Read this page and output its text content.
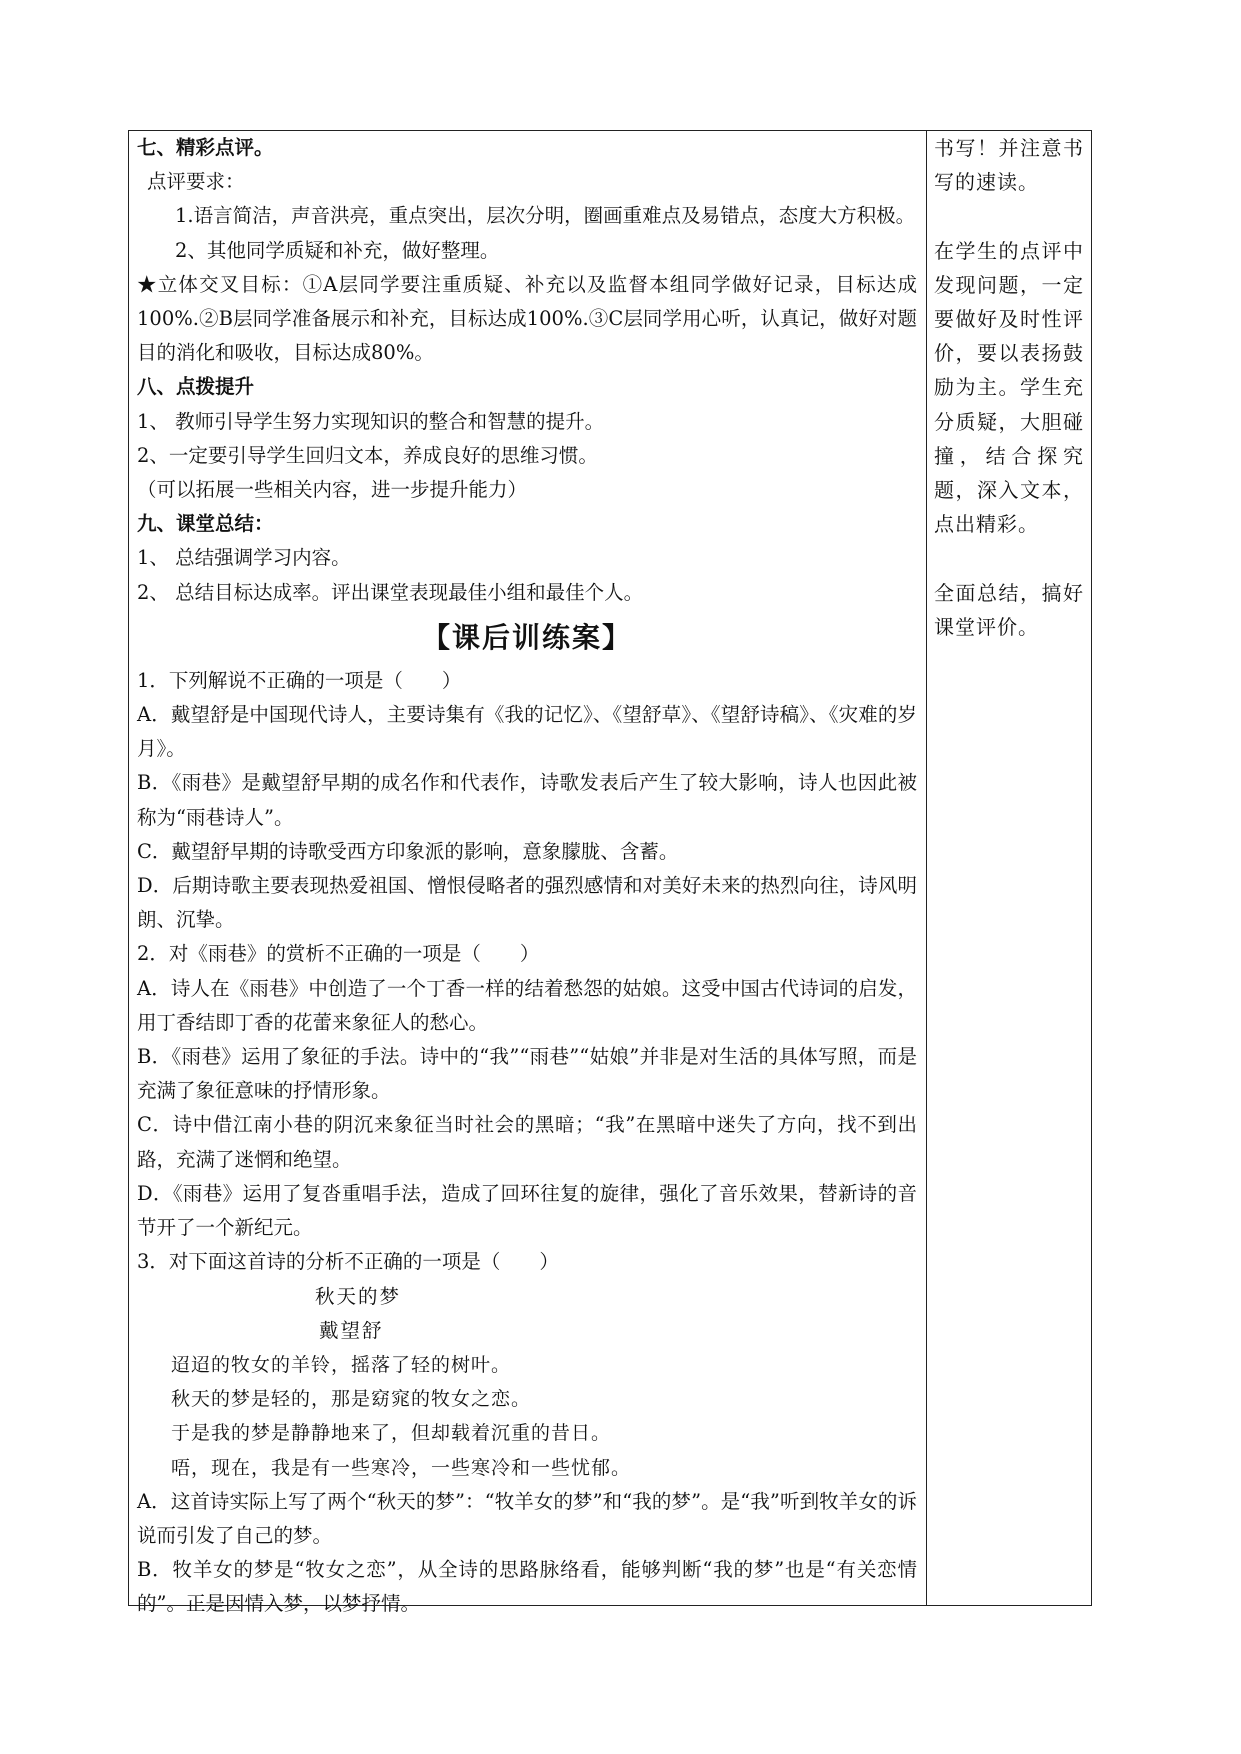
七、精彩点评。

点评要求：

1.语言简洁，声音洪亮，重点突出，层次分明，圈画重难点及易错点，态度大方积极。

2、其他同学质疑和补充，做好整理。

★立体交叉目标：①A层同学要注重质疑、补充以及监督本组同学做好记录，目标达成100%.②B层同学准备展示和补充，目标达成100%.③C层同学用心听，认真记，做好对题目的消化和吸收，目标达成80%。

八、点拨提升

1、 教师引导学生努力实现知识的整合和智慧的提升。

2、一定要引导学生回归文本，养成良好的思维习惯。

（可以拓展一些相关内容，进一步提升能力）

九、课堂总结：

1、 总结强调学习内容。

2、 总结目标达成率。评出课堂表现最佳小组和最佳个人。

【课后训练案】

1．下列解说不正确的一项是（　　）

A．戴望舒是中国现代诗人，主要诗集有《我的记忆》、《望舒草》、《望舒诗稿》、《灾难的岁月》。

B．《雨巷》是戴望舒早期的成名作和代表作，诗歌发表后产生了较大影响，诗人也因此被称为“雨巷诗人”。

C．戴望舒早期的诗歌受西方印象派的影响，意象朦胧、含蓄。

D．后期诗歌主要表现热爱祖国、憎恨侵略者的强烈感情和对美好未来的热烈向往，诗风明朗、沉挚。

2．对《雨巷》的赏析不正确的一项是（　　）

A．诗人在《雨巷》中创造了一个丁香一样的结着愁怨的姑娘。这受中国古代诗词的启发，用丁香结即丁香的花蕾来象征人的愁心。

B．《雨巷》运用了象征的手法。诗中的“我”“雨巷”“姑娘”并非是对生活的具体写照，而是充满了象征意味的抒情形象。

C．诗中借江南小巷的阴沉来象征当时社会的黑暗；“我”在黑暗中迷失了方向，找不到出路，充满了迷惘和绝望。

D．《雨巷》运用了复沓重唱手法，造成了回环往复的旋律，强化了音乐效果，替新诗的音节开了一个新纪元。

3．对下面这首诗的分析不正确的一项是（　　）

秋天的梦

戴望舒

迢迢的牧女的羊铃，摇落了轻的树叶。

秋天的梦是轻的，那是窈窕的牧女之恋。

于是我的梦是静静地来了，但却载着沉重的昔日。

唔，现在，我是有一些寒冷，一些寒冷和一些忧郁。

A．这首诗实际上写了两个“秋天的梦”：“牧羊女的梦”和“我的梦”。是“我”听到牧羊女的诉说而引发了自己的梦。

B．牧羊女的梦是“牧女之恋”，从全诗的思路脉络看，能够判断“我的梦”也是“有关恋情的”。正是因情入梦，以梦抒情。

书写！并注意书写的速读。

在学生的点评中发现问题，一定要做好及时性评价，要以表扬鼓励为主。学生充分质疑，大胆碰撞，结合探究题，深入文本，点出精彩。

全面总结，搞好课堂评价。
